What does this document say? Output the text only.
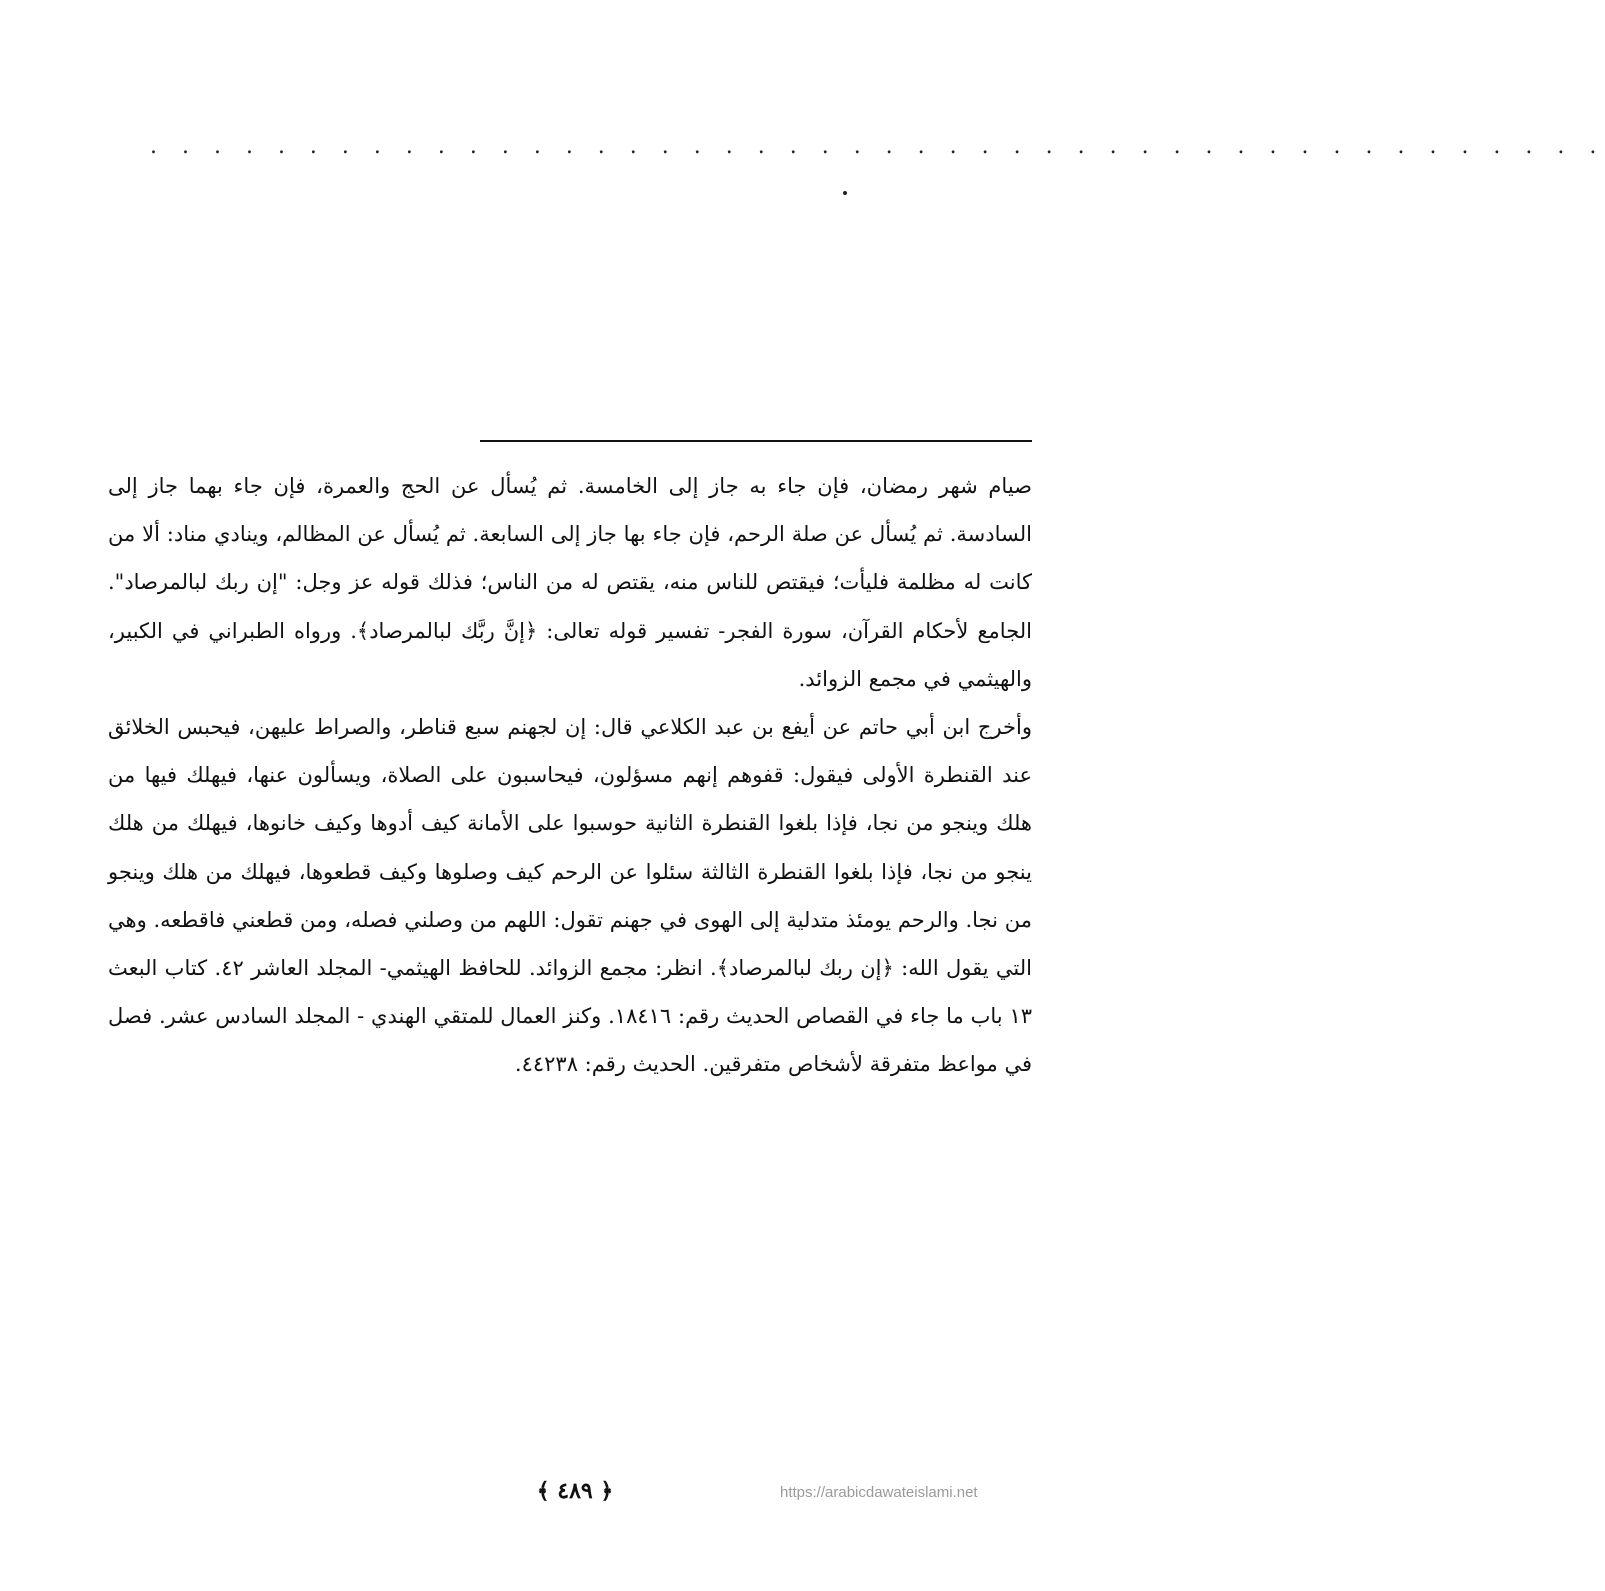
. . . . . . . . . . . . . . . . . . . . . . . . . . . . . . . . . . . . . . . . . . . . . .

صيام شهر رمضان، فإن جاء به جاز إلى الخامسة. ثم يُسأل عن الحج والعمرة، فإن جاء بهما جاز إلى السادسة. ثم يُسأل عن صلة الرحم، فإن جاء بها جاز إلى السابعة. ثم يُسأل عن المظالم، وينادي مناد: ألا من كانت له مظلمة فليأت؛ فيقتص للناس منه، يقتص له من الناس؛ فذلك قوله عز وجل: "إن ربك لبالمرصاد". الجامع لأحكام القرآن، سورة الفجر- تفسير قوله تعالى: ﴿إنَّ ربَّك لبالمرصاد﴾. ورواه الطبراني في الكبير، والهيثمي في مجمع الزوائد.

وأخرج ابن أبي حاتم عن أيفع بن عبد الكلاعي قال: إن لجهنم سبع قناطر، والصراط عليهن، فيحبس الخلائق عند القنطرة الأولى فيقول: قفوهم إنهم مسؤلون، فيحاسبون على الصلاة، ويسألون عنها، فيهلك فيها من هلك وينجو من نجا، فإذا بلغوا القنطرة الثانية حوسبوا على الأمانة كيف أدوها وكيف خانوها، فيهلك من هلك ينجو من نجا، فإذا بلغوا القنطرة الثالثة سئلوا عن الرحم كيف وصلوها وكيف قطعوها، فيهلك من هلك وينجو من نجا. والرحم يومئذ متدلية إلى الهوى في جهنم تقول: اللهم من وصلني فصله، ومن قطعني فاقطعه. وهي التي يقول الله: ﴿إن ربك لبالمرصاد﴾. انظر: مجمع الزوائد. للحافظ الهيثمي- المجلد العاشر ٤٢. كتاب البعث ١٣ باب ما جاء في القصاص الحديث رقم: ١٨٤١٦. وكنز العمال للمتقي الهندي - المجلد السادس عشر. فصل في مواعظ متفرقة لأشخاص متفرقين. الحديث رقم: ٤٤٢٣٨.

﴿ ٤٨٩ ﴾	https://arabicdawateislami.net
